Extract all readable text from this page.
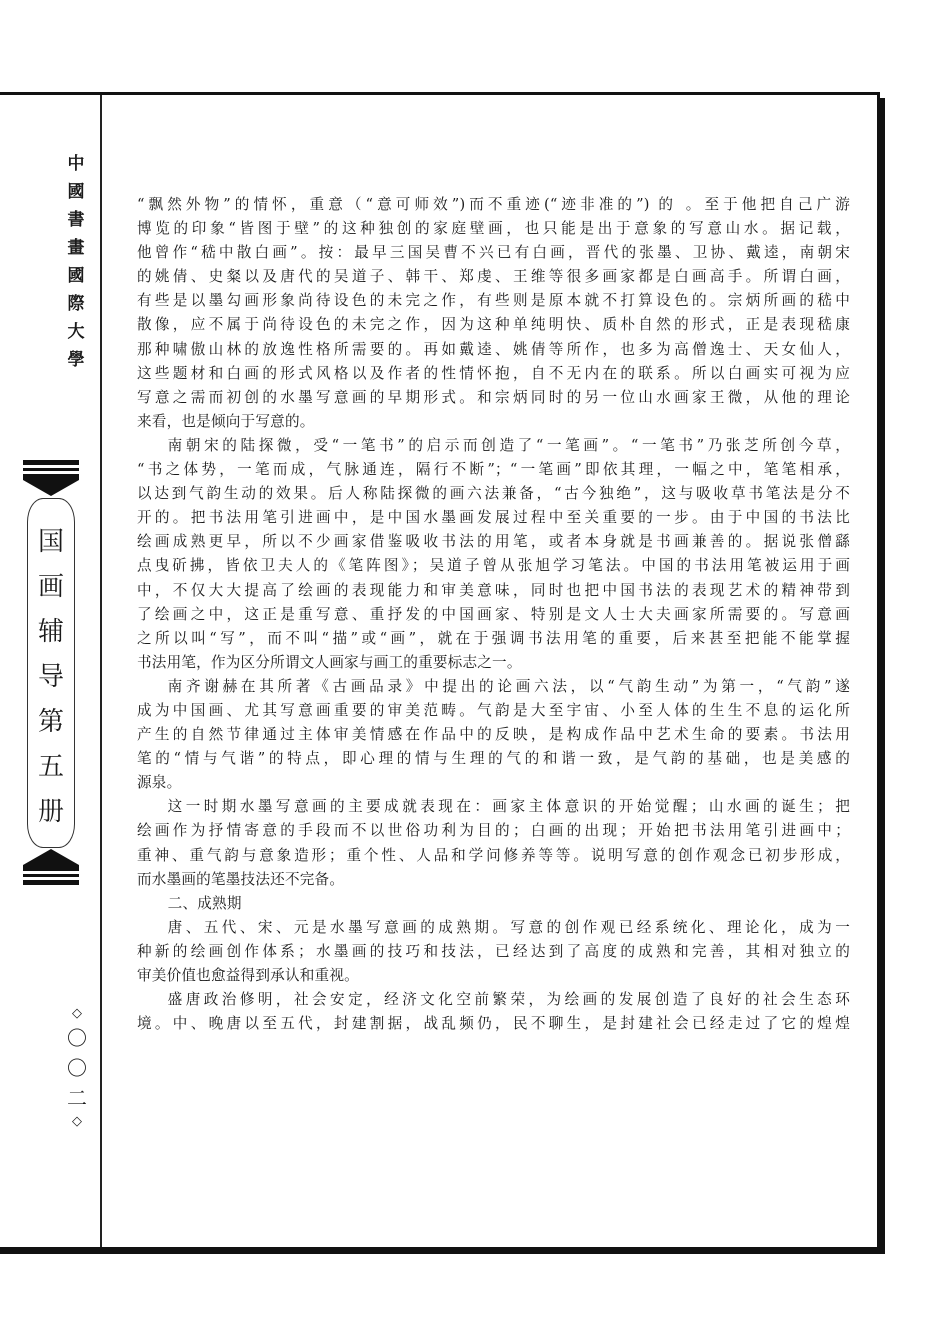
中
國
書
畫
國
際
大
學
国
画
辅
导
第
五
册
◇
〇
〇
二
◇

“飘然外物”的情怀，重意（“意可师效”)而不重迹(“迹非准的”) 的 。至于他把自己广游

博览的印象“皆图于壁”的这种独创的家庭壁画，也只能是出于意象的写意山水。据记载，

他曾作“嵇中散白画”。按：最早三国吴曹不兴已有白画，晋代的张墨、卫协、戴逵，南朝宋

的姚倩、史粲以及唐代的吴道子、韩干、郑虔、王维等很多画家都是白画高手。所谓白画，

有些是以墨勾画形象尚待设色的未完之作，有些则是原本就不打算设色的。宗炳所画的嵇中

散像，应不属于尚待设色的未完之作，因为这种单纯明快、质朴自然的形式，正是表现嵇康

那种啸傲山林的放逸性格所需要的。再如戴逵、姚倩等所作，也多为高僧逸士、天女仙人，

这些题材和白画的形式风格以及作者的性情怀抱，自不无内在的联系。所以白画实可视为应

写意之需而初创的水墨写意画的早期形式。和宗炳同时的另一位山水画家王微，从他的理论

来看，也是倾向于写意的。

南朝宋的陆探微，受“一笔书”的启示而创造了“一笔画”。“一笔书”乃张芝所创今草，

“书之体势，一笔而成，气脉通连，隔行不断”；“一笔画”即依其理，一幅之中，笔笔相承，

以达到气韵生动的效果。后人称陆探微的画六法兼备，“古今独绝”，这与吸收草书笔法是分不

开的。把书法用笔引进画中，是中国水墨画发展过程中至关重要的一步。由于中国的书法比

绘画成熟更早，所以不少画家借鉴吸收书法的用笔，或者本身就是书画兼善的。据说张僧繇

点曳斫拂，皆依卫夫人的《笔阵图》；吴道子曾从张旭学习笔法。中国的书法用笔被运用于画

中，不仅大大提高了绘画的表现能力和审美意味，同时也把中国书法的表现艺术的精神带到

了绘画之中，这正是重写意、重抒发的中国画家、特别是文人士大夫画家所需要的。写意画

之所以叫“写”，而不叫“描”或“画”，就在于强调书法用笔的重要，后来甚至把能不能掌握

书法用笔，作为区分所谓文人画家与画工的重要标志之一。

南齐谢赫在其所著《古画品录》中提出的论画六法，以“气韵生动”为第一，“气韵”遂

成为中国画、尤其写意画重要的审美范畴。气韵是大至宇宙、小至人体的生生不息的运化所

产生的自然节律通过主体审美情感在作品中的反映，是构成作品中艺术生命的要素。书法用

笔的“情与气谐”的特点，即心理的情与生理的气的和谐一致，是气韵的基础，也是美感的

源泉。

这一时期水墨写意画的主要成就表现在：画家主体意识的开始觉醒；山水画的诞生；把

绘画作为抒情寄意的手段而不以世俗功利为目的；白画的出现；开始把书法用笔引进画中；

重神、重气韵与意象造形；重个性、人品和学问修养等等。说明写意的创作观念已初步形成，

而水墨画的笔墨技法还不完备。

二、成熟期

唐、五代、宋、元是水墨写意画的成熟期。写意的创作观已经系统化、理论化，成为一

种新的绘画创作体系；水墨画的技巧和技法，已经达到了高度的成熟和完善，其相对独立的

审美价值也愈益得到承认和重视。

盛唐政治修明，社会安定，经济文化空前繁荣，为绘画的发展创造了良好的社会生态环

境。中、晚唐以至五代，封建割据，战乱频仍，民不聊生，是封建社会已经走过了它的煌煌
